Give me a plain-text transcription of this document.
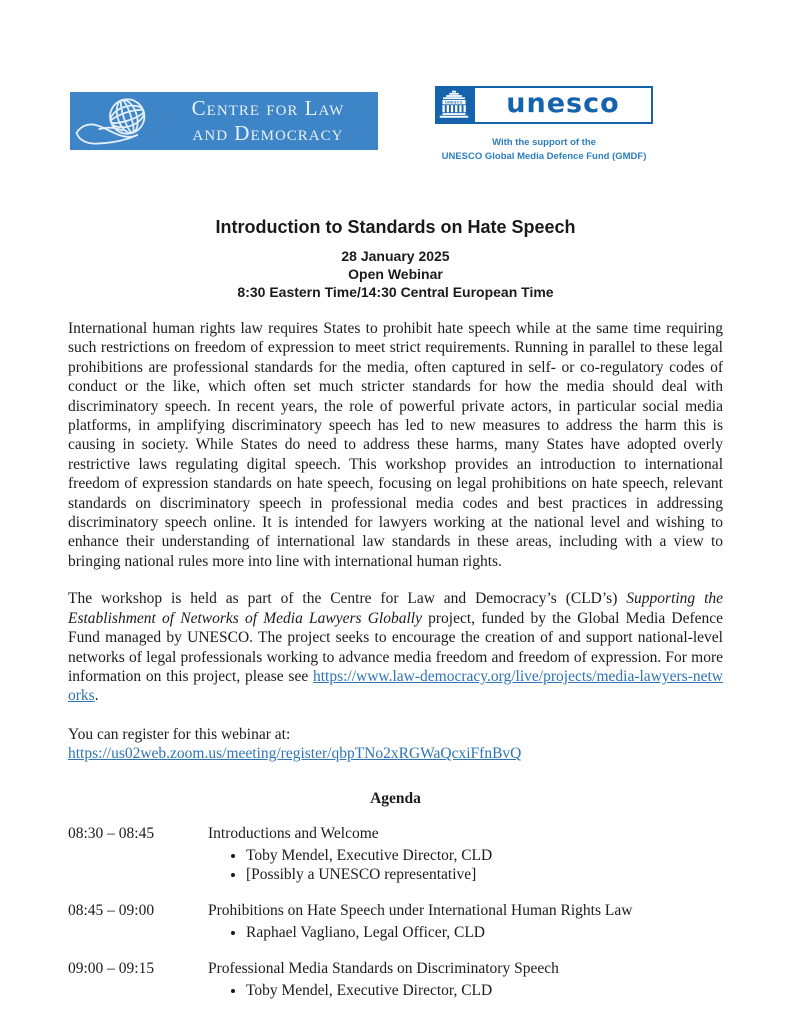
Centre for Law
and Democracy
UNESCO unesco
With the support of the
UNESCO Global Media Defence Fund (GMDF)
Introduction to Standards on Hate Speech
28 January 2025
Open Webinar
8:30 Eastern Time/14:30 Central European Time

International human rights law requires States to prohibit hate speech while at the same time requiring such restrictions on freedom of expression to meet strict requirements. Running in parallel to these legal prohibitions are professional standards for the media, often captured in self- or co-regulatory codes of conduct or the like, which often set much stricter standards for how the media should deal with discriminatory speech. In recent years, the role of powerful private actors, in particular social media platforms, in amplifying discriminatory speech has led to new measures to address the harm this is causing in society. While States do need to address these harms, many States have adopted overly restrictive laws regulating digital speech. This workshop provides an introduction to international freedom of expression standards on hate speech, focusing on legal prohibitions on hate speech, relevant standards on discriminatory speech in professional media codes and best practices in addressing discriminatory speech online. It is intended for lawyers working at the national level and wishing to enhance their understanding of international law standards in these areas, including with a view to bringing national rules more into line with international human rights.

The workshop is held as part of the Centre for Law and Democracy’s (CLD’s) Supporting the Establishment of Networks of Media Lawyers Globally project, funded by the Global Media Defence Fund managed by UNESCO. The project seeks to encourage the creation of and support national-level networks of legal professionals working to advance media freedom and freedom of expression. For more information on this project, please see https://www.law-democracy.org/live/projects/media-lawyers-networks.

You can register for this webinar at:
https://us02web.zoom.us/meeting/register/qbpTNo2xRGWaQcxiFfnBvQ

Agenda
08:30 – 08:45	Introductions and Welcome
• Toby Mendel, Executive Director, CLD
• [Possibly a UNESCO representative]
08:45 – 09:00	Prohibitions on Hate Speech under International Human Rights Law
• Raphael Vagliano, Legal Officer, CLD
09:00 – 09:15	Professional Media Standards on Discriminatory Speech
• Toby Mendel, Executive Director, CLD
